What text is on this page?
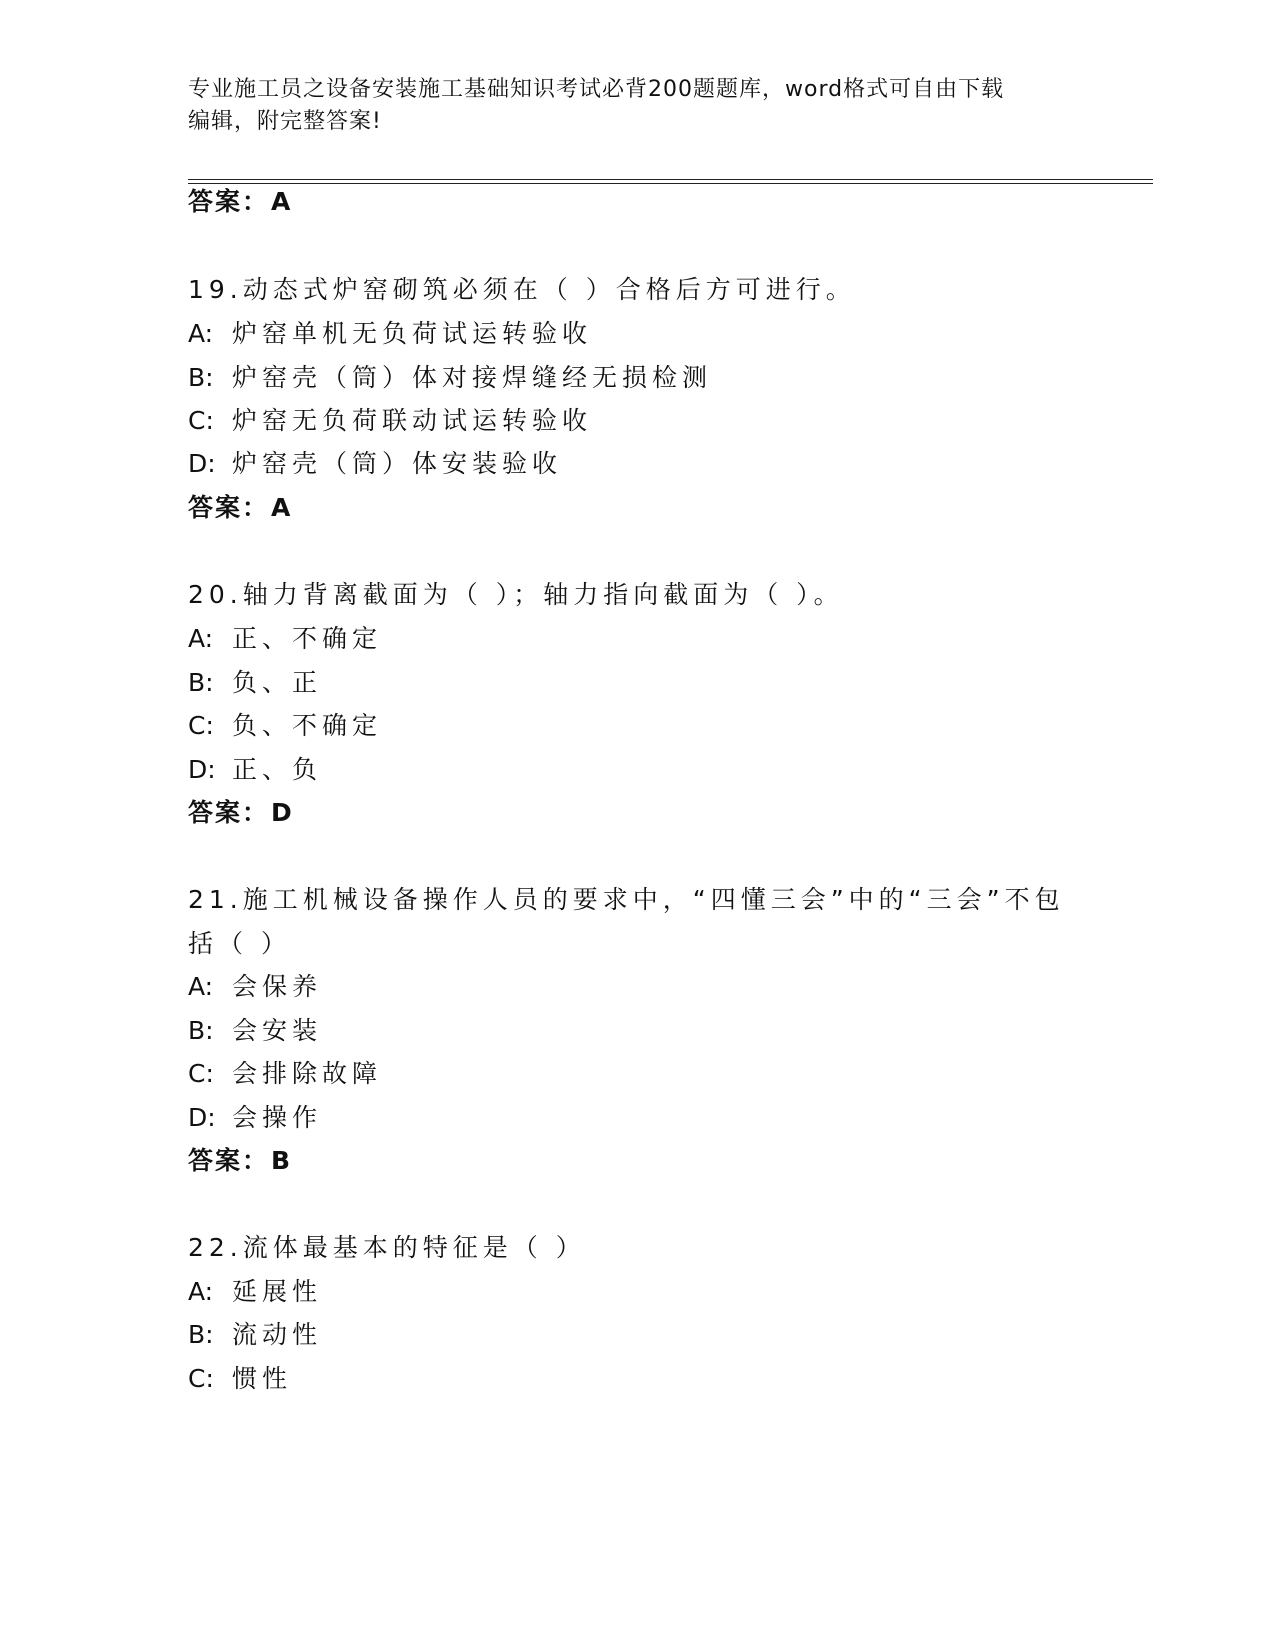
专业施工员之设备安装施工基础知识考试必背200题题库，word格式可自由下载
编辑，附完整答案!
答案：A
19.动态式炉窑砌筑必须在（ ）合格后方可进行。
A: 炉窑单机无负荷试运转验收
B: 炉窑壳（筒）体对接焊缝经无损检测
C: 炉窑无负荷联动试运转验收
D: 炉窑壳（筒）体安装验收
答案：A
20.轴力背离截面为（ ）；轴力指向截面为（ ）。
A: 正、不确定
B: 负、正
C: 负、不确定
D: 正、负
答案：D
21.施工机械设备操作人员的要求中，“四懂三会”中的“三会”不包
括（ ）
A: 会保养
B: 会安装
C: 会排除故障
D: 会操作
答案：B
22.流体最基本的特征是（ ）
A: 延展性
B: 流动性
C: 惯性
